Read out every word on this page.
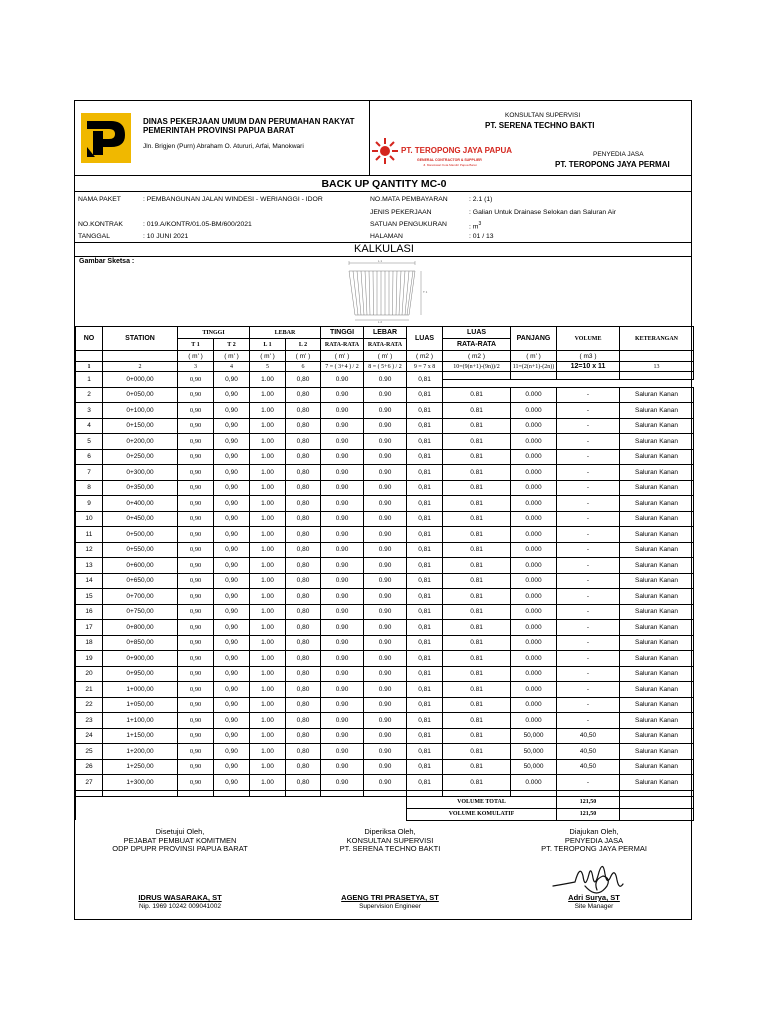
DINAS PEKERJAAN UMUM DAN PERUMAHAN RAKYAT
PEMERINTAH PROVINSI PAPUA BARAT
Jln. Brigjen (Purn) Abraham O. Atururi, Arfai, Manokwari
KONSULTAN SUPERVISI
PT. SERENA TECHNO BAKTI
PT. TEROPONG JAYA PAPUA
GENERAL CONTRACTOR & SUPPLIER
Jl. Manokwari Kota Mandiri Papua Barat
PENYEDIA JASA
PT. TEROPONG JAYA PERMAI
BACK UP QANTITY MC-0
NAMA PAKET	: PEMBANGUNAN JALAN WINDESI - WERIANGGI - IDOR
NO.KONTRAK	: 019.A/KONTR/01.05-BM/600/2021
TANGGAL	: 10 JUNI 2021
NO.MATA PEMBAYARAN	: 2.1 (1)
JENIS PEKERJAAN	: Galian Untuk Drainase Selokan dan Saluran Air
SATUAN PENGUKURAN	: $m^3$
HALAMAN	: 01 / 13
KALKULASI
Gambar Sketsa :	L 1
T 1
L 2
NO	STATION	TINGGI		LEBAR		TINGGI	LEBAR	LUAS	LUAS	PANJANG	VOLUME	KETERANGAN	
		T 1	T 2	L 1	L 2	RATA-RATA	RATA-RATA		RATA-RATA				
		( m' )	( m' )	( m' )	( m' )	( m' )	( m' )	( m2 )	( m2 )	( m' )	( m3 )		
1	2	3	4	5	6	7 = ( 3+4 ) / 2	8 = ( 5+6 ) / 2	9 = 7 x 8	10=(9(n+1)-(9n))/2	11=(2(n+1)-(2n))	12=10 x 11	13	
1	0+000,00	0,90	0,90	1.00	0,80	0.90	0.90	0,81					

2	0+050,00	0,90	0,90	1.00	0,80	0.90	0.90	0,81	0.81	0.000	-	Saluran Kanan	

3	0+100,00	0,90	0,90	1.00	0,80	0.90	0.90	0,81	0.81	0.000	-	Saluran Kanan	

4	0+150,00	0,90	0,90	1.00	0,80	0.90	0.90	0,81	0.81	0.000	-	Saluran Kanan	

5	0+200,00	0,90	0,90	1.00	0,80	0.90	0.90	0,81	0.81	0.000	-	Saluran Kanan	

6	0+250,00	0,90	0,90	1.00	0,80	0.90	0.90	0,81	0.81	0.000	-	Saluran Kanan	

7	0+300,00	0,90	0,90	1.00	0,80	0.90	0.90	0,81	0.81	0.000	-	Saluran Kanan	

8	0+350,00	0,90	0,90	1.00	0,80	0.90	0.90	0,81	0.81	0.000	-	Saluran Kanan	

9	0+400,00	0,90	0,90	1.00	0,80	0.90	0.90	0,81	0.81	0.000	-	Saluran Kanan	

10	0+450,00	0,90	0,90	1.00	0,80	0.90	0.90	0,81	0.81	0.000	-	Saluran Kanan	

11	0+500,00	0,90	0,90	1.00	0,80	0.90	0.90	0,81	0.81	0.000	-	Saluran Kanan	

12	0+550,00	0,90	0,90	1.00	0,80	0.90	0.90	0,81	0.81	0.000	-	Saluran Kanan	

13	0+600,00	0,90	0,90	1.00	0,80	0.90	0.90	0,81	0.81	0.000	-	Saluran Kanan	

14	0+650,00	0,90	0,90	1.00	0,80	0.90	0.90	0,81	0.81	0.000	-	Saluran Kanan	

15	0+700,00	0,90	0,90	1.00	0,80	0.90	0.90	0,81	0.81	0.000	-	Saluran Kanan	

16	0+750,00	0,90	0,90	1.00	0,80	0.90	0.90	0,81	0.81	0.000	-	Saluran Kanan	

17	0+800,00	0,90	0,90	1.00	0,80	0.90	0.90	0,81	0.81	0.000	-	Saluran Kanan	

18	0+850,00	0,90	0,90	1.00	0,80	0.90	0.90	0,81	0.81	0.000	-	Saluran Kanan	

19	0+900,00	0,90	0,90	1.00	0,80	0.90	0.90	0,81	0.81	0.000	-	Saluran Kanan	

20	0+950,00	0,90	0,90	1.00	0,80	0.90	0.90	0,81	0.81	0.000	-	Saluran Kanan	

21	1+000,00	0,90	0,90	1.00	0,80	0.90	0.90	0,81	0.81	0.000	-	Saluran Kanan	

22	1+050,00	0,90	0,90	1.00	0,80	0.90	0.90	0,81	0.81	0.000	-	Saluran Kanan	

23	1+100,00	0,90	0,90	1.00	0,80	0.90	0.90	0,81	0.81	0.000	-	Saluran Kanan	

24	1+150,00	0,90	0,90	1.00	0,80	0.90	0.90	0,81	0.81	50,000	40,50	Saluran Kanan	

25	1+200,00	0,90	0,90	1.00	0,80	0.90	0.90	0,81	0.81	50,000	40,50	Saluran Kanan	

26	1+250,00	0,90	0,90	1.00	0,80	0.90	0.90	0,81	0.81	50,000	40,50	Saluran Kanan	

27	1+300,00	0,90	0,90	1.00	0,80	0.90	0.90	0,81	0.81	0.000	-	Saluran Kanan	

								VOLUME TOTAL			121,50		
								VOLUME KOMULATIF			121,50		
Disetujui Oleh,
PEJABAT PEMBUAT KOMITMEN
ODP DPUPR PROVINSI PAPUA BARAT
IDRUS WASARAKA, ST
Nip. 1969 10242 009041002
Diperiksa Oleh,
KONSULTAN SUPERVISI
PT. SERENA TECHNO BAKTI
AGENG TRI PRASETYA, ST
Supervision Engineer
Diajukan Oleh,
PENYEDIA JASA
PT. TEROPONG JAYA PERMAI
Adri Surya, ST
Site Manager
